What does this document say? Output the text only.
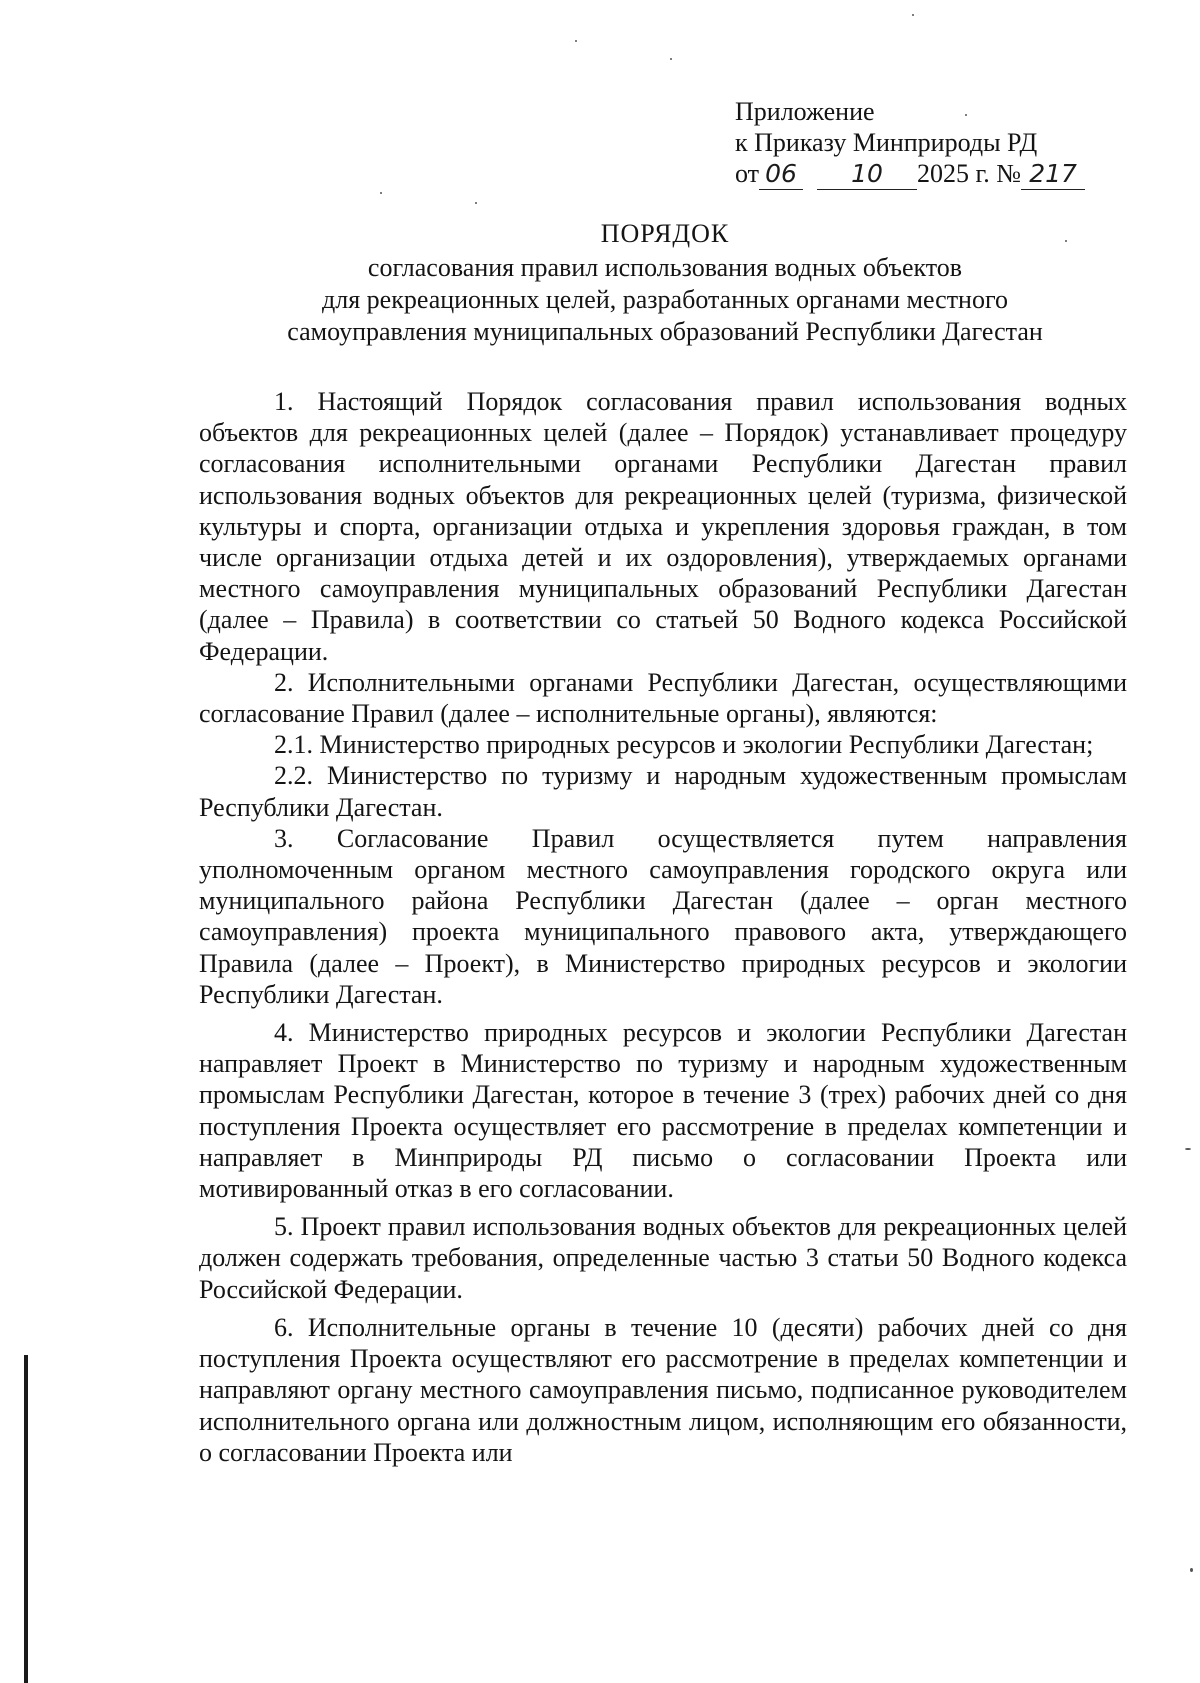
Приложение
к Приказу Минприроды РД
от 06 10 2025 г. № 217
ПОРЯДОК
согласования правил использования водных объектов
для рекреационных целей, разработанных органами местного
самоуправления муниципальных образований Республики Дагестан

1. Настоящий Порядок согласования правил использования водных объектов для рекреационных целей (далее – Порядок) устанавливает процедуру согласования исполнительными органами Республики Дагестан правил использования водных объектов для рекреационных целей (туризма, физической культуры и спорта, организации отдыха и укрепления здоровья граждан, в том числе организации отдыха детей и их оздоровления), утверждаемых органами местного самоуправления муниципальных образований Республики Дагестан (далее – Правила) в соответствии со статьей 50 Водного кодекса Российской Федерации.

2. Исполнительными органами Республики Дагестан, осуществляющими согласование Правил (далее – исполнительные органы), являются:

2.1. Министерство природных ресурсов и экологии Республики Дагестан;

2.2. Министерство по туризму и народным художественным промыслам Республики Дагестан.

3. Согласование Правил осуществляется путем направления уполномоченным органом местного самоуправления городского округа или муниципального района Республики Дагестан (далее – орган местного самоуправления) проекта муниципального правового акта, утверждающего Правила (далее – Проект), в Министерство природных ресурсов и экологии Республики Дагестан.

4. Министерство природных ресурсов и экологии Республики Дагестан направляет Проект в Министерство по туризму и народным художественным промыслам Республики Дагестан, которое в течение 3 (трех) рабочих дней со дня поступления Проекта осуществляет его рассмотрение в пределах компетенции и направляет в Минприроды РД письмо о согласовании Проекта или мотивированный отказ в его согласовании.

5. Проект правил использования водных объектов для рекреационных целей должен содержать требования, определенные частью 3 статьи 50 Водного кодекса Российской Федерации.

6. Исполнительные органы в течение 10 (десяти) рабочих дней со дня поступления Проекта осуществляют его рассмотрение в пределах компетенции и направляют органу местного самоуправления письмо, подписанное руководителем исполнительного органа или должностным лицом, исполняющим его обязанности, о согласовании Проекта или
